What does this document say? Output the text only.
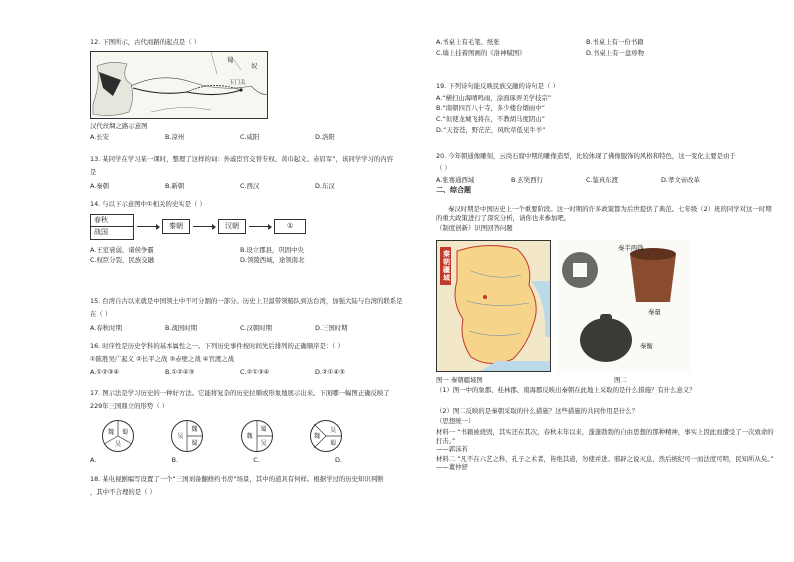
12. 下图所示，古代商路的起点是（ ）
匈
奴
玉门关
汉代丝绸之路示意图
A.长安	B.凉州	C.咸阳	D.洛阳
13. 某同学在学习某一课时，整理了这样的词：外戚宦官交替专权、黄巾起义、赤眉军”，该同学学习的内容
是
A.秦朝	B.新朝	C.西汉	D.东汉
14. 与以下示意图中①相关的史实是（ ）
春秋
战国
秦朝	汉朝	①
A.王室衰弱，诸侯争霸	B.设立郡县，巩固中央
C.权臣分裂，民族交融	D.领陵西域，途领南北
15. 台湾自古以来就是中国领土中不可分割的一部分。历史上卫温带领船队到达台湾，加强大陆与台湾的联系是
在（ ）
A.春秋时期	B.战国时期	C.汉朝时期	D.三国时期
16. 时序性是历史学科的基本属性之一。下列历史事件按时间先后排列的正确顺序是：（ ）
①陈胜吴广起义 ②长平之战 ③赤壁之战 ④官渡之战
A.①②③④	B.①②④③	C.②①③④	D.②①④③
17. 图示法是学习历史的一种好方法。它能将复杂的历史拉顺或形象地展示出来。下面哪一幅图正确反映了
229年三国鼎立的形势（ ）
吴
魏 蜀
吴
魏
蜀
魏
蜀
吴
魏
吴
蜀
A.	B.	C.	D.
18. 某电视剧编写设置了一个“三国刘备翻修约书房”场景，其中的道具有何样。根据学过的历史知识判断
，其中不合理的是（ ）
A.书桌上有毛笔、纸张	B.书桌上有一份书籍
C.墙上挂着图画的《洛神赋图》	D.书桌上有一盘珍物
19. 下列诗句能反映民族交融的诗句是（ ）
A.“横扫山海晴鸣雨，涂面琢弄美学技宗”
B.“南朝四百八十寺，多少楼台烟雨中”
C.“但使龙城飞将在，不教胡马度阴山”
D.“天苍苍，野茫茫，风吹草低见牛羊”
20. 今年朝通像雕刻，云岗石窟中期的雕像造型，比较体现了佛像服饰的风格和特色，这一变化主要是由于
（ ）
A.张骞通西域	B.玄奘西行	C.鉴真东渡	D.孝文帝改革
二、综合题

秦汉时期是中国历史上一个重要阶段。这一时期的许多政策都为后世提供了典范。七年级（2）班的同学对这一时期的重大政策进行了深究分析，请你也来参加吧。

（制度创新）识图回答问题
秦朝疆域
秦半两钱
秦量
秦衡
图一 秦朝疆域图	图二
（1）图一中的象郡、桂林郡、南海郡反映出秦朝在此地上采取的是什么措施？有什么意义？
（2）图二反映的是秦朝采取的什么措施？这些措施的共同作用是什么？
（思想统一）

材料一 “书籍被烧毁，其实还在其次，春秋末年以来，蓬蓬勃勃的自由思想的那种精神，事实上因此而遭受了一次致命的打击。”

——郭沫若

材料二 “凡不在六艺之科，孔子之术者，皆绝其道，勿使并进。邪辟之说灭息，然后统纪可一而法度可明，民知所从矣。”

——董仲舒
